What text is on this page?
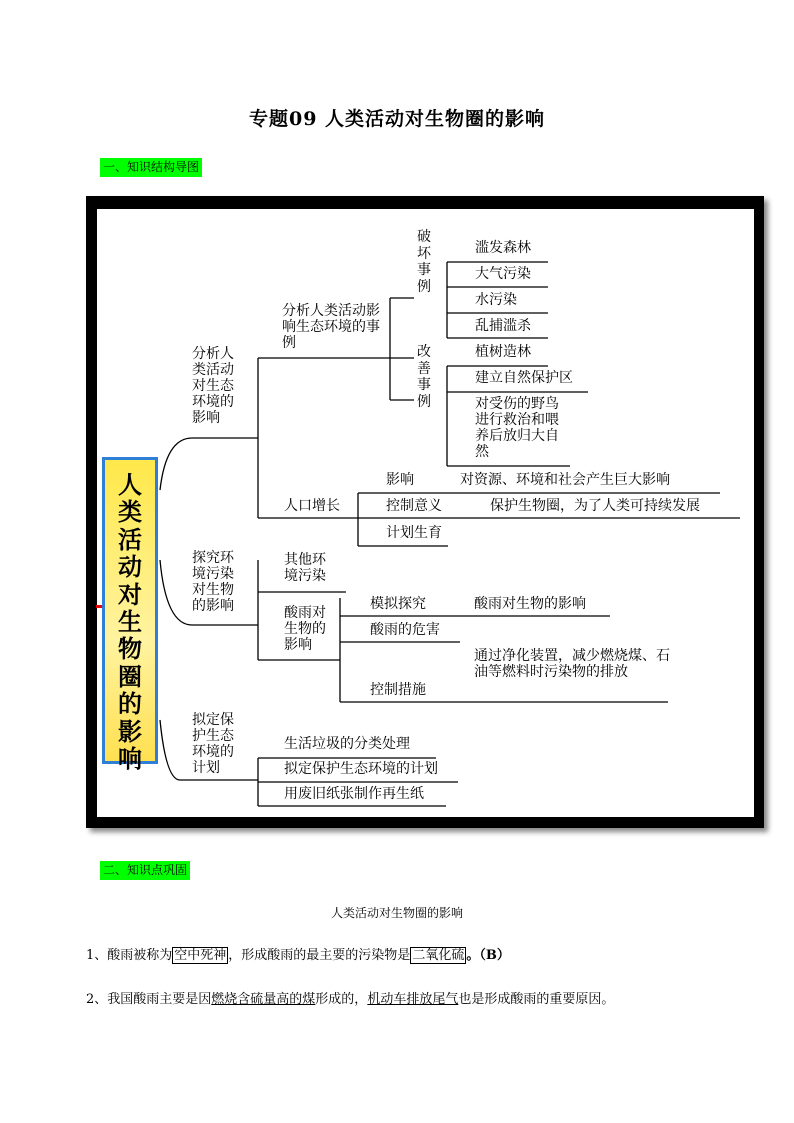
专题09 人类活动对生物圈的影响
一、知识结构导图
人类活动对生物圈的影响
分析人类活动对生态环境的影响
分析人类活动影响生态环境的事例
破坏事例
滥发森林
大气污染
水污染
乱捕滥杀
改善事例
植树造林
建立自然保护区
对受伤的野鸟进行救治和喂养后放归大自然
人口增长
影响	对资源、环境和社会产生巨大影响
控制意义	保护生物圈，为了人类可持续发展
计划生育
探究环境污染对生物的影响
其他环境污染
酸雨对生物的影响
模拟探究	酸雨对生物的影响
酸雨的危害
控制措施
通过净化装置，减少燃烧煤、石油等燃料时污染物的排放
拟定保护生态环境的计划
生活垃圾的分类处理
拟定保护生态环境的计划
用废旧纸张制作再生纸
二、知识点巩固
人类活动对生物圈的影响
1、酸雨被称为 空中死神 ，形成酸雨的最主要的污染物是 二氧化硫 。（B）
2、我国酸雨主要是因燃烧含硫量高的煤形成的，机动车排放尾气也是形成酸雨的重要原因。
